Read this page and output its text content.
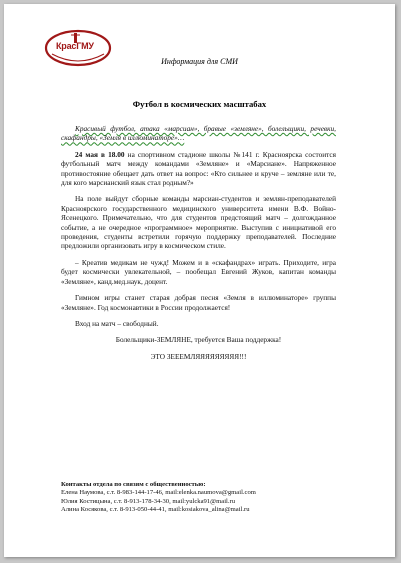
КрасГМУ
Информация для СМИ
Футбол в космических масштабах

Красивый футбол, атака «марсиан», бравые «земляне», болельщики, речевки, скафандры, «Земля в иллюминаторе»…

24 мая в 18.00 на спортивном стадионе школы №141 г. Красноярска состоится футбольный матч между командами «Земляне» и «Марсиане». Напряженное противостояние обещает дать ответ на вопрос: «Кто сильнее и круче – земляне или те, для кого марсианский язык стал родным?»

На поле выйдут сборные команды марсиан-студентов и землян-преподавателей Красноярского государственного медицинского университета имени В.Ф. Войно-Ясенецкого. Примечательно, что для студентов предстоящий матч – долгожданное событие, а не очередное «программное» мероприятие. Выступив с инициативой его проведения, студенты встретили горячую поддержку преподавателей. Последние предложили организовать игру в космическом стиле.

– Креатив медикам не чужд! Можем и в «скафандрах» играть. Приходите, игра будет космически увлекательной, – пообещал Евгений Жуков, капитан команды «Земляне», канд.мед.наук, доцент.

Гимном игры станет старая добрая песня «Земля в иллюминаторе» группы «Земляне». Год космонавтики в России продолжается!

Вход на матч – свободный.

Болельщики-ЗЕМЛЯНЕ, требуется Ваша поддержка!

ЭТО ЗЕЕЕМЛЯЯЯЯЯЯЯЯЯ!!!

Контакты отдела по связям с общественностью:
Елена Наумова, с.т. 8-983-144-17-46, mail:elenka.naumova@gmail.com
Юлия Костицына, с.т. 8-913-178-34-30, mail:yulcka91@mail.ru
Алина Косякова, с.т. 8-913-050-44-41, mail:kosiakova_alina@mail.ru
